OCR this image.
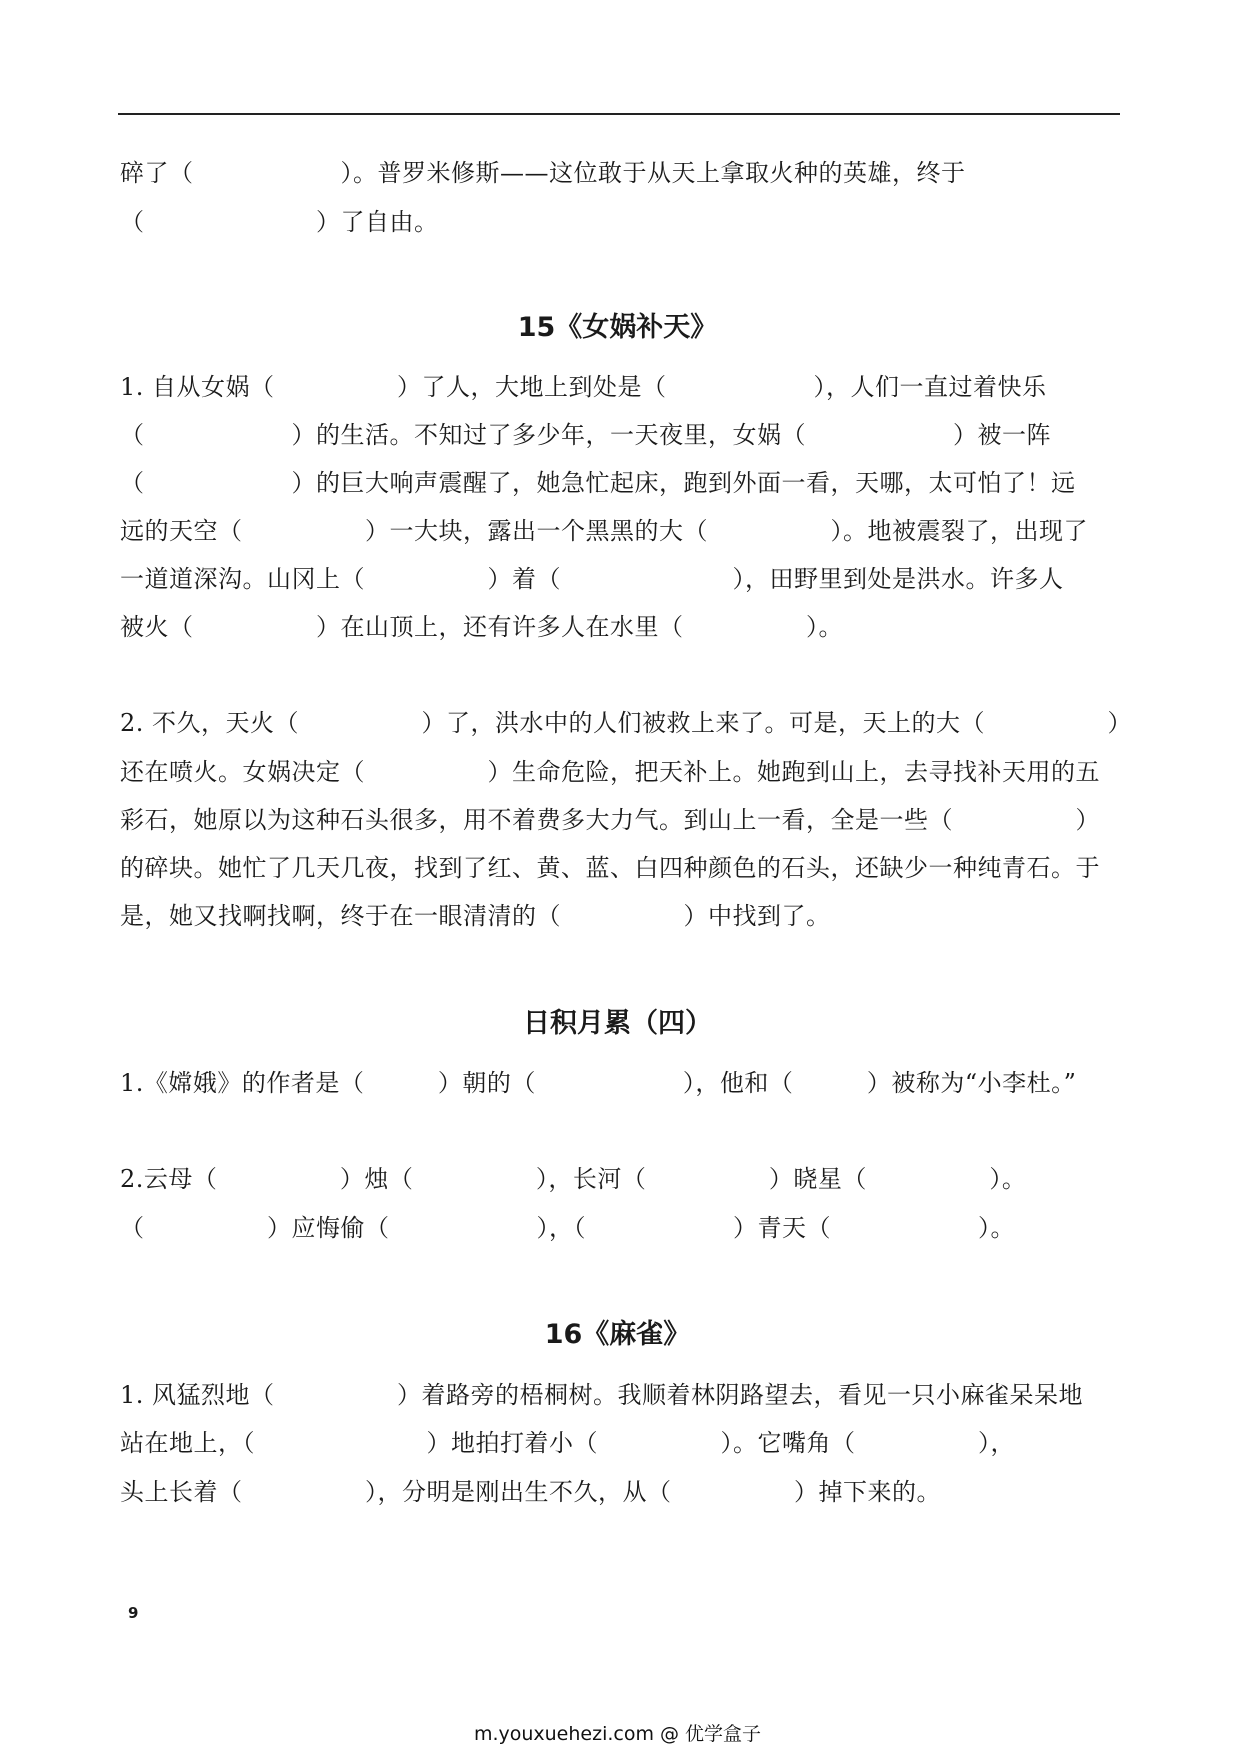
碎了（　　　　　　）。普罗米修斯——这位敢于从天上拿取火种的英雄，终于
（　　　　　　　）了自由。
15《女娲补天》
1. 自从女娲（　　　　　）了人，大地上到处是（　　　　　　），人们一直过着快乐
（　　　　　　）的生活。不知过了多少年，一天夜里，女娲（　　　　　　）被一阵
（　　　　　　）的巨大响声震醒了，她急忙起床，跑到外面一看，天哪，太可怕了！远
远的天空（　　　　　）一大块，露出一个黑黑的大（　　　　　）。地被震裂了，出现了
一道道深沟。山冈上（　　　　　）着（　　　　　　　），田野里到处是洪水。许多人
被火（　　　　　）在山顶上，还有许多人在水里（　　　　　）。
2. 不久，天火（　　　　　）了，洪水中的人们被救上来了。可是，天上的大（　　　　　）
还在喷火。女娲决定（　　　　　）生命危险，把天补上。她跑到山上，去寻找补天用的五
彩石，她原以为这种石头很多，用不着费多大力气。到山上一看，全是一些（　　　　　）
的碎块。她忙了几天几夜，找到了红、黄、蓝、白四种颜色的石头，还缺少一种纯青石。于
是，她又找啊找啊，终于在一眼清清的（　　　　　）中找到了。
日积月累（四）
1.《嫦娥》的作者是（　　　）朝的（　　　　　　），他和（　　　）被称为“小李杜。”
2.云母（　　　　　）烛（　　　　　），长河（　　　　　）晓星（　　　　　）。
（　　　　　）应悔偷（　　　　　　），（　　　　　　）青天（　　　　　　）。
16《麻雀》
1. 风猛烈地（　　　　　）着路旁的梧桐树。我顺着林阴路望去，看见一只小麻雀呆呆地
站在地上，（　　　　　　　）地拍打着小（　　　　　）。它嘴角（　　　　　），
头上长着（　　　　　），分明是刚出生不久，从（　　　　　）掉下来的。
9
m.youxuehezi.com @ 优学盒子
